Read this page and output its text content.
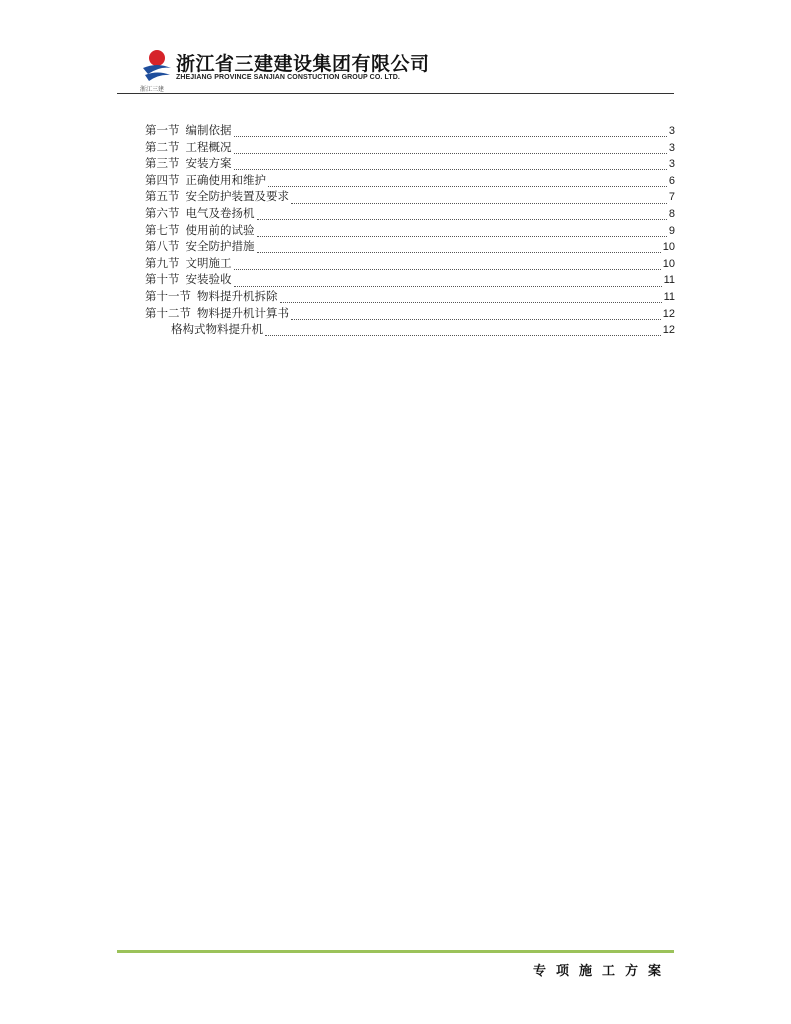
浙江三建
浙江省三建建设集团有限公司
ZHEJIANG PROVINCE SANJIAN CONSTUCTION GROUP CO. LTD.
第一节 编制依据	3
第二节 工程概况	3
第三节 安装方案	3
第四节 正确使用和维护	6
第五节 安全防护装置及要求	7
第六节 电气及卷扬机	8
第七节 使用前的试验	9
第八节 安全防护措施	10
第九节 文明施工	10
第十节 安装验收	11
第十一节 物料提升机拆除	11
第十二节 物料提升机计算书	12
格构式物料提升机	12
专项施工方案
